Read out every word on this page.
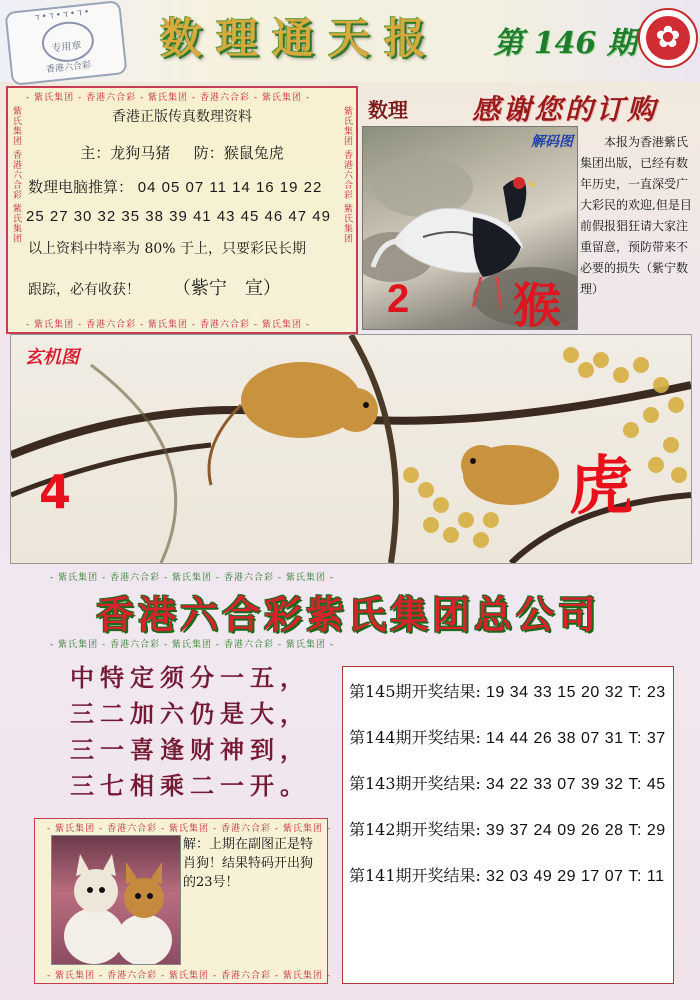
ד•ד•ד•ד•
专用章
香港六合彩
数理通天报	第 146 期 ✿
- 紫氏集团 - 香港六合彩 - 紫氏集团 - 香港六合彩 - 紫氏集团 -
- 紫氏集团 - 香港六合彩 - 紫氏集团 - 香港六合彩 - 紫氏集团 -
紫氏集团 香港六合彩 紫氏集团	紫氏集团 香港六合彩 紫氏集团
香港正版传真数理资料
主：龙狗马猪 防：猴鼠兔虎
数理电脑推算： 04 05 07 11 14 16 19 22
25 27 30 32 35 38 39 41 43 45 46 47 49
以上资料中特率为 80% 于上，只要彩民长期
跟踪，必有收获！ （紫宁　宣）
数理 感谢您的订购
解码图
2 猴
本报为香港紫氏集团出版，已经有数年历史，一直深受广大彩民的欢迎,但是目前假报猖狂请大家注重留意，预防带来不必要的损失（紫宁数理）
玄机图
4	虎
- 紫氏集团 - 香港六合彩 - 紫氏集团 - 香港六合彩 - 紫氏集团 -
香港六合彩紫氏集团总公司
- 紫氏集团 - 香港六合彩 - 紫氏集团 - 香港六合彩 - 紫氏集团 -
中特定须分一五，
三二加六仍是大，
三一喜逢财神到，
三七相乘二一开。
第145期开奖结果: 19 34 33 15 20 32 T: 23
第144期开奖结果: 14 44 26 38 07 31 T: 37
第143期开奖结果: 34 22 33 07 39 32 T: 45
第142期开奖结果: 39 37 24 09 26 28 T: 29
第141期开奖结果: 32 03 49 29 17 07 T: 11
- 紫氏集团 - 香港六合彩 - 紫氏集团 - 香港六合彩 - 紫氏集团 -
- 紫氏集团 - 香港六合彩 - 紫氏集团 - 香港六合彩 - 紫氏集团 -
解：上期在副图正是特肖狗！结果特码开出狗的23号！
